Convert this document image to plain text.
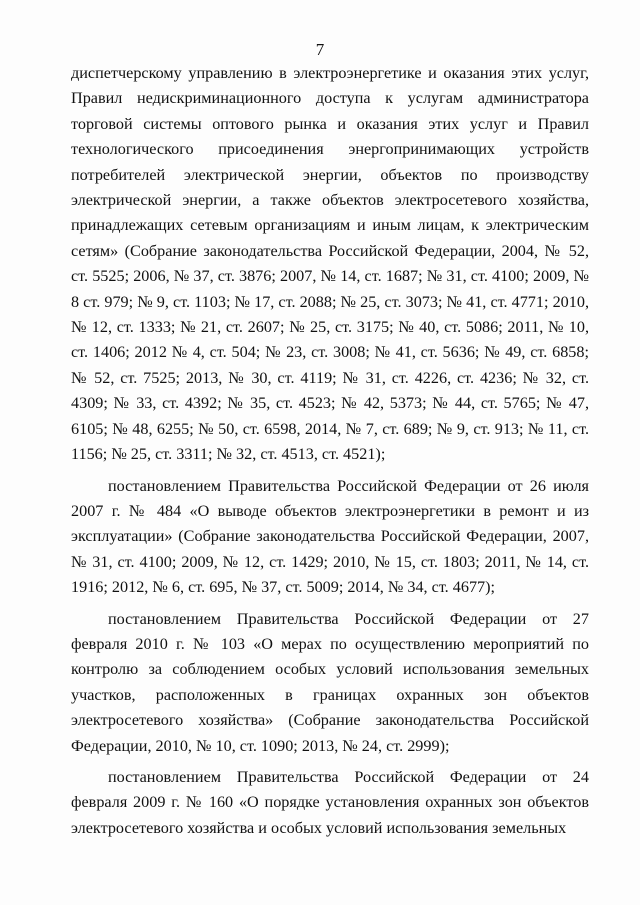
7

диспетчерскому управлению в электроэнергетике и оказания этих услуг, Правил недискриминационного доступа к услугам администратора торговой системы оптового рынка и оказания этих услуг и Правил технологического присоединения энергопринимающих устройств потребителей электрической энергии, объектов по производству электрической энергии, а также объектов электросетевого хозяйства, принадлежащих сетевым организациям и иным лицам, к электрическим сетям» (Собрание законодательства Российской Федерации, 2004, № 52, ст. 5525; 2006, № 37, ст. 3876; 2007, № 14, ст. 1687; № 31, ст. 4100; 2009, № 8 ст. 979; № 9, ст. 1103; № 17, ст. 2088; № 25, ст. 3073; № 41, ст. 4771; 2010, № 12, ст. 1333; № 21, ст. 2607; № 25, ст. 3175; № 40, ст. 5086; 2011, № 10, ст. 1406; 2012 № 4, ст. 504; № 23, ст. 3008; № 41, ст. 5636; № 49, ст. 6858; № 52, ст. 7525; 2013, № 30, ст. 4119; № 31, ст. 4226, ст. 4236; № 32, ст. 4309; № 33, ст. 4392; № 35, ст. 4523; № 42, 5373; № 44, ст. 5765; № 47, 6105; № 48, 6255; № 50, ст. 6598, 2014, № 7, ст. 689; № 9, ст. 913; № 11, ст. 1156; № 25, ст. 3311; № 32, ст. 4513, ст. 4521);

постановлением Правительства Российской Федерации от 26 июля 2007 г. № 484 «О выводе объектов электроэнергетики в ремонт и из эксплуатации» (Собрание законодательства Российской Федерации, 2007, № 31, ст. 4100; 2009, № 12, ст. 1429; 2010, № 15, ст. 1803; 2011, № 14, ст. 1916; 2012, № 6, ст. 695, № 37, ст. 5009; 2014, № 34, ст. 4677);

постановлением Правительства Российской Федерации от 27 февраля 2010 г. № 103 «О мерах по осуществлению мероприятий по контролю за соблюдением особых условий использования земельных участков, расположенных в границах охранных зон объектов электросетевого хозяйства» (Собрание законодательства Российской Федерации, 2010, № 10, ст. 1090; 2013, № 24, ст. 2999);

постановлением Правительства Российской Федерации от 24 февраля 2009 г. № 160 «О порядке установления охранных зон объектов электросетевого хозяйства и особых условий использования земельных
